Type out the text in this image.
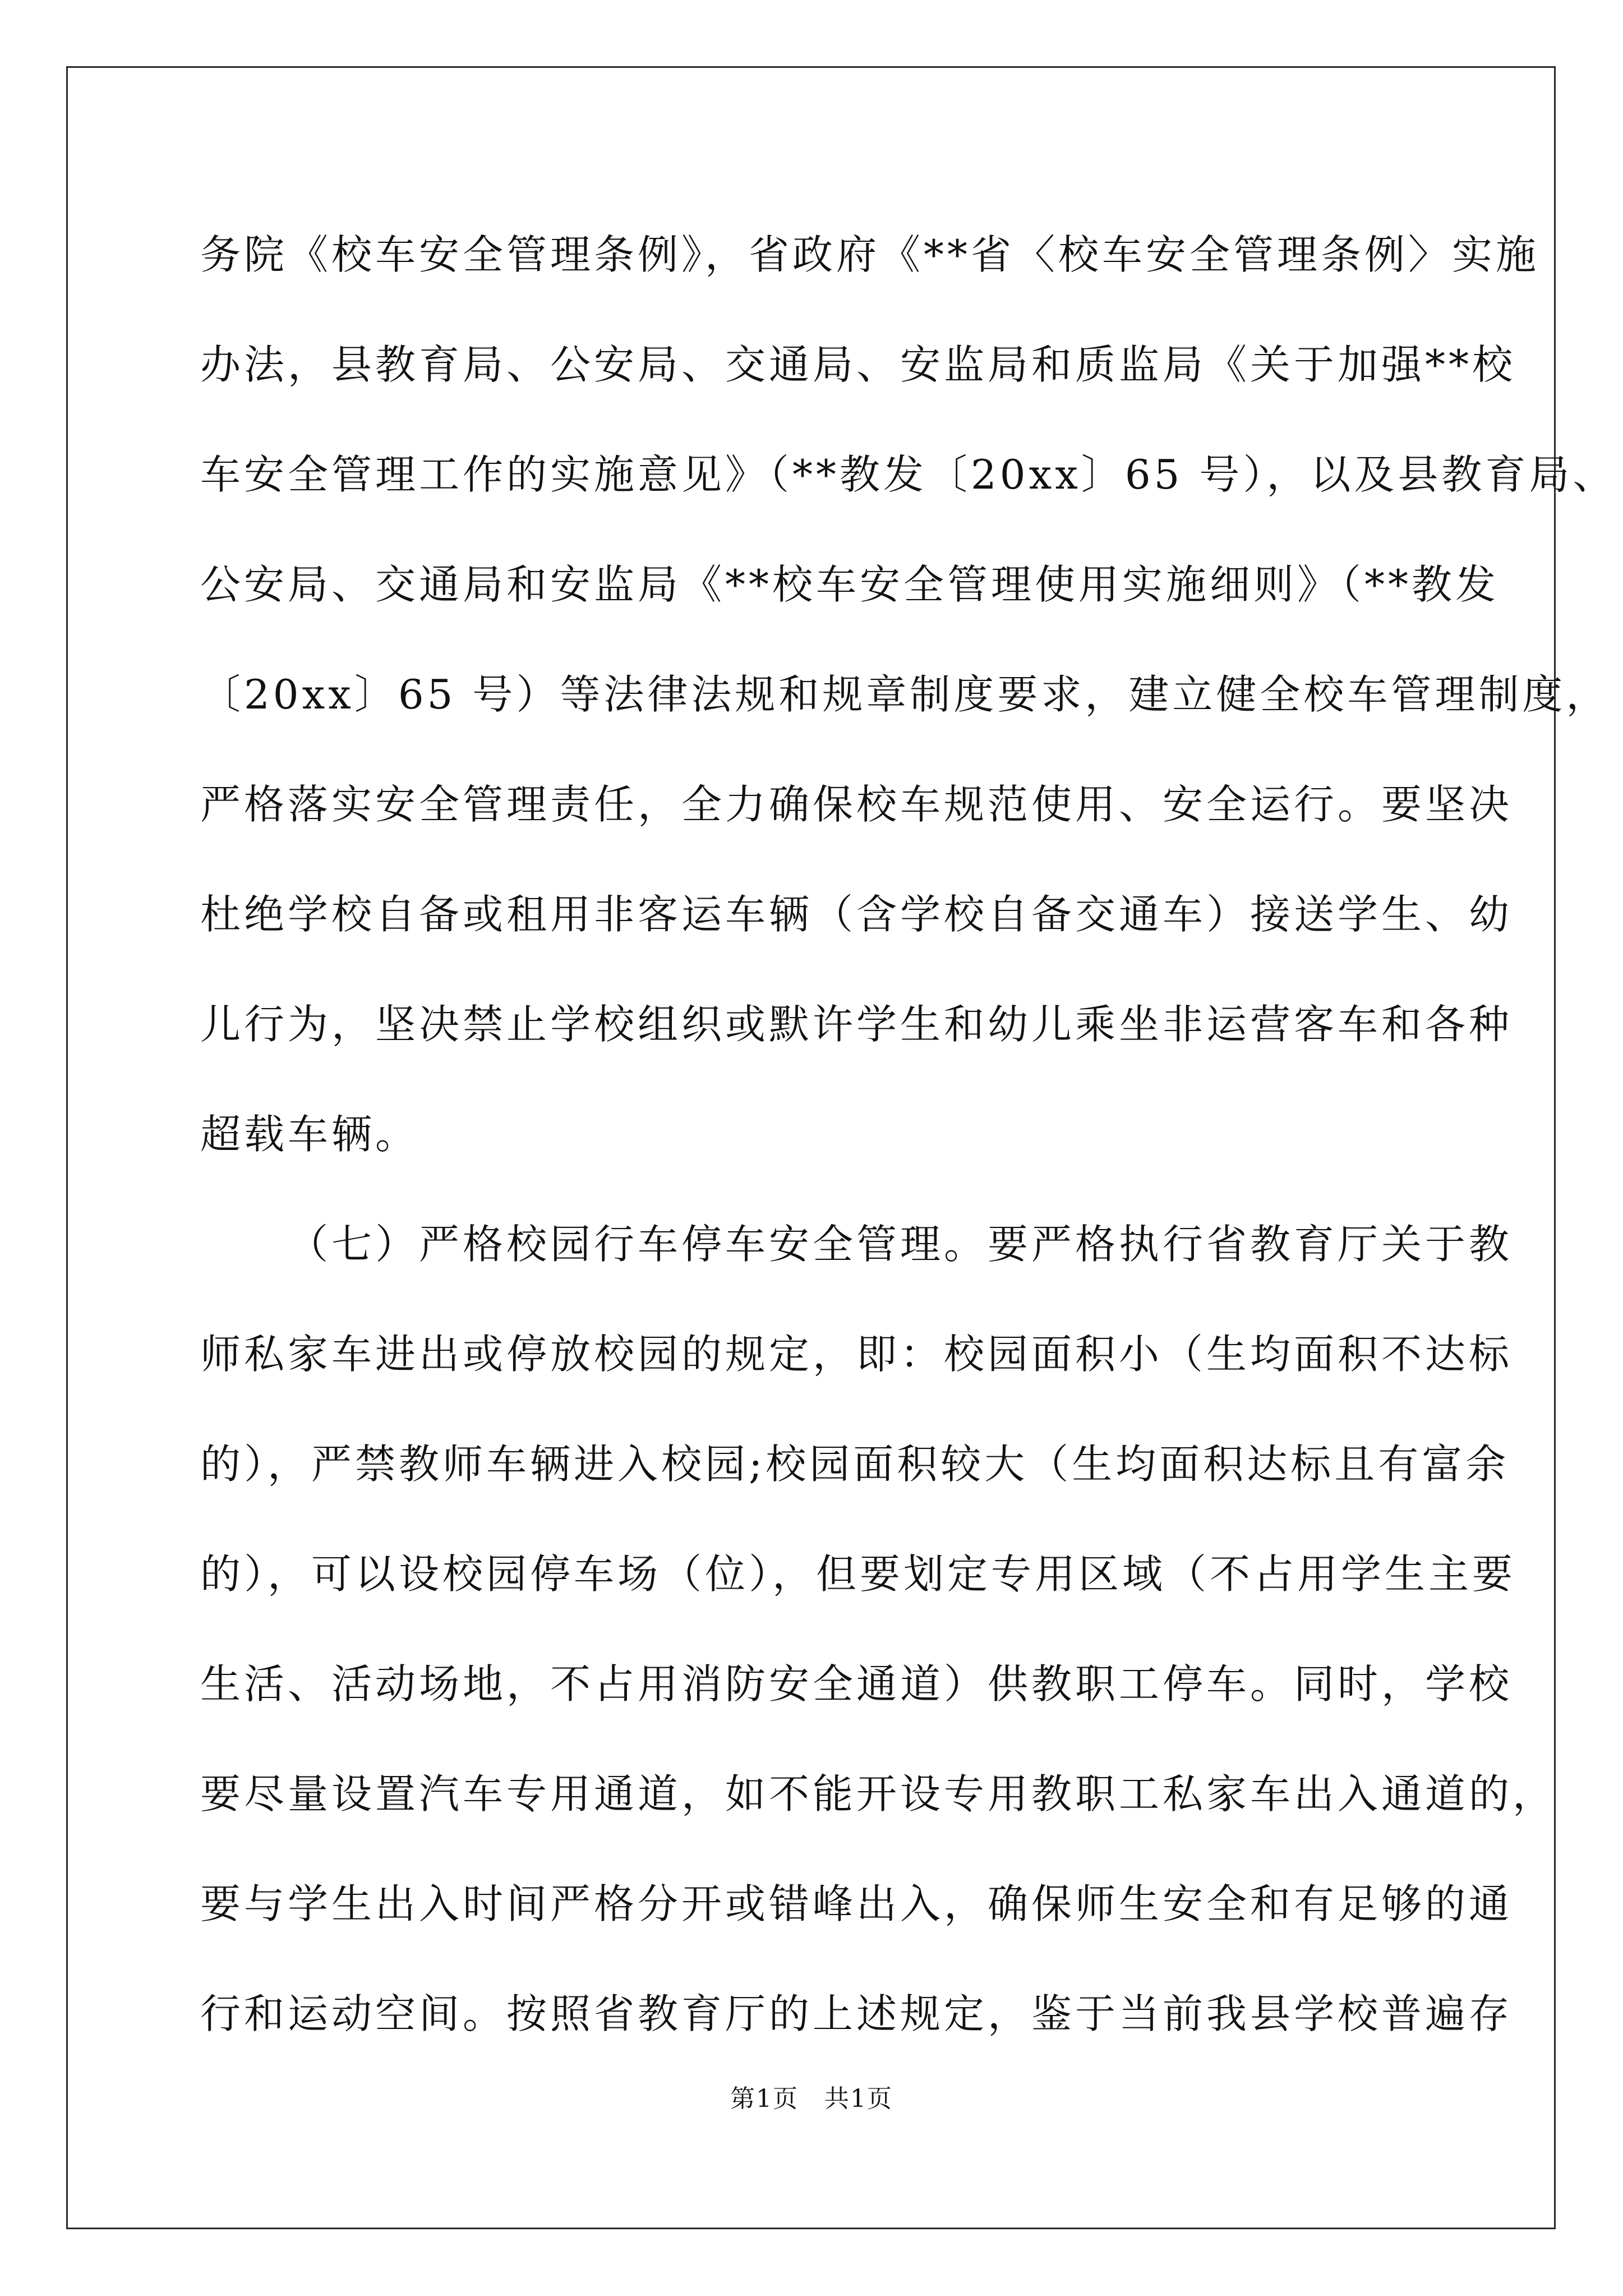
务院《校车安全管理条例》，省政府《**省〈校车安全管理条例〉实施
办法，县教育局、公安局、交通局、安监局和质监局《关于加强**校
车安全管理工作的实施意见》（**教发〔20xx〕65 号），以及县教育局、
公安局、交通局和安监局《**校车安全管理使用实施细则》（**教发
〔20xx〕65 号）等法律法规和规章制度要求，建立健全校车管理制度，
严格落实安全管理责任，全力确保校车规范使用、安全运行。要坚决
杜绝学校自备或租用非客运车辆（含学校自备交通车）接送学生、幼
儿行为，坚决禁止学校组织或默许学生和幼儿乘坐非运营客车和各种
超载车辆。
（七）严格校园行车停车安全管理。要严格执行省教育厅关于教
师私家车进出或停放校园的规定，即：校园面积小（生均面积不达标
的），严禁教师车辆进入校园;校园面积较大（生均面积达标且有富余
的），可以设校园停车场（位），但要划定专用区域（不占用学生主要
生活、活动场地，不占用消防安全通道）供教职工停车。同时，学校
要尽量设置汽车专用通道，如不能开设专用教职工私家车出入通道的，
要与学生出入时间严格分开或错峰出入，确保师生安全和有足够的通
行和运动空间。按照省教育厅的上述规定，鉴于当前我县学校普遍存
第1页　共1页
